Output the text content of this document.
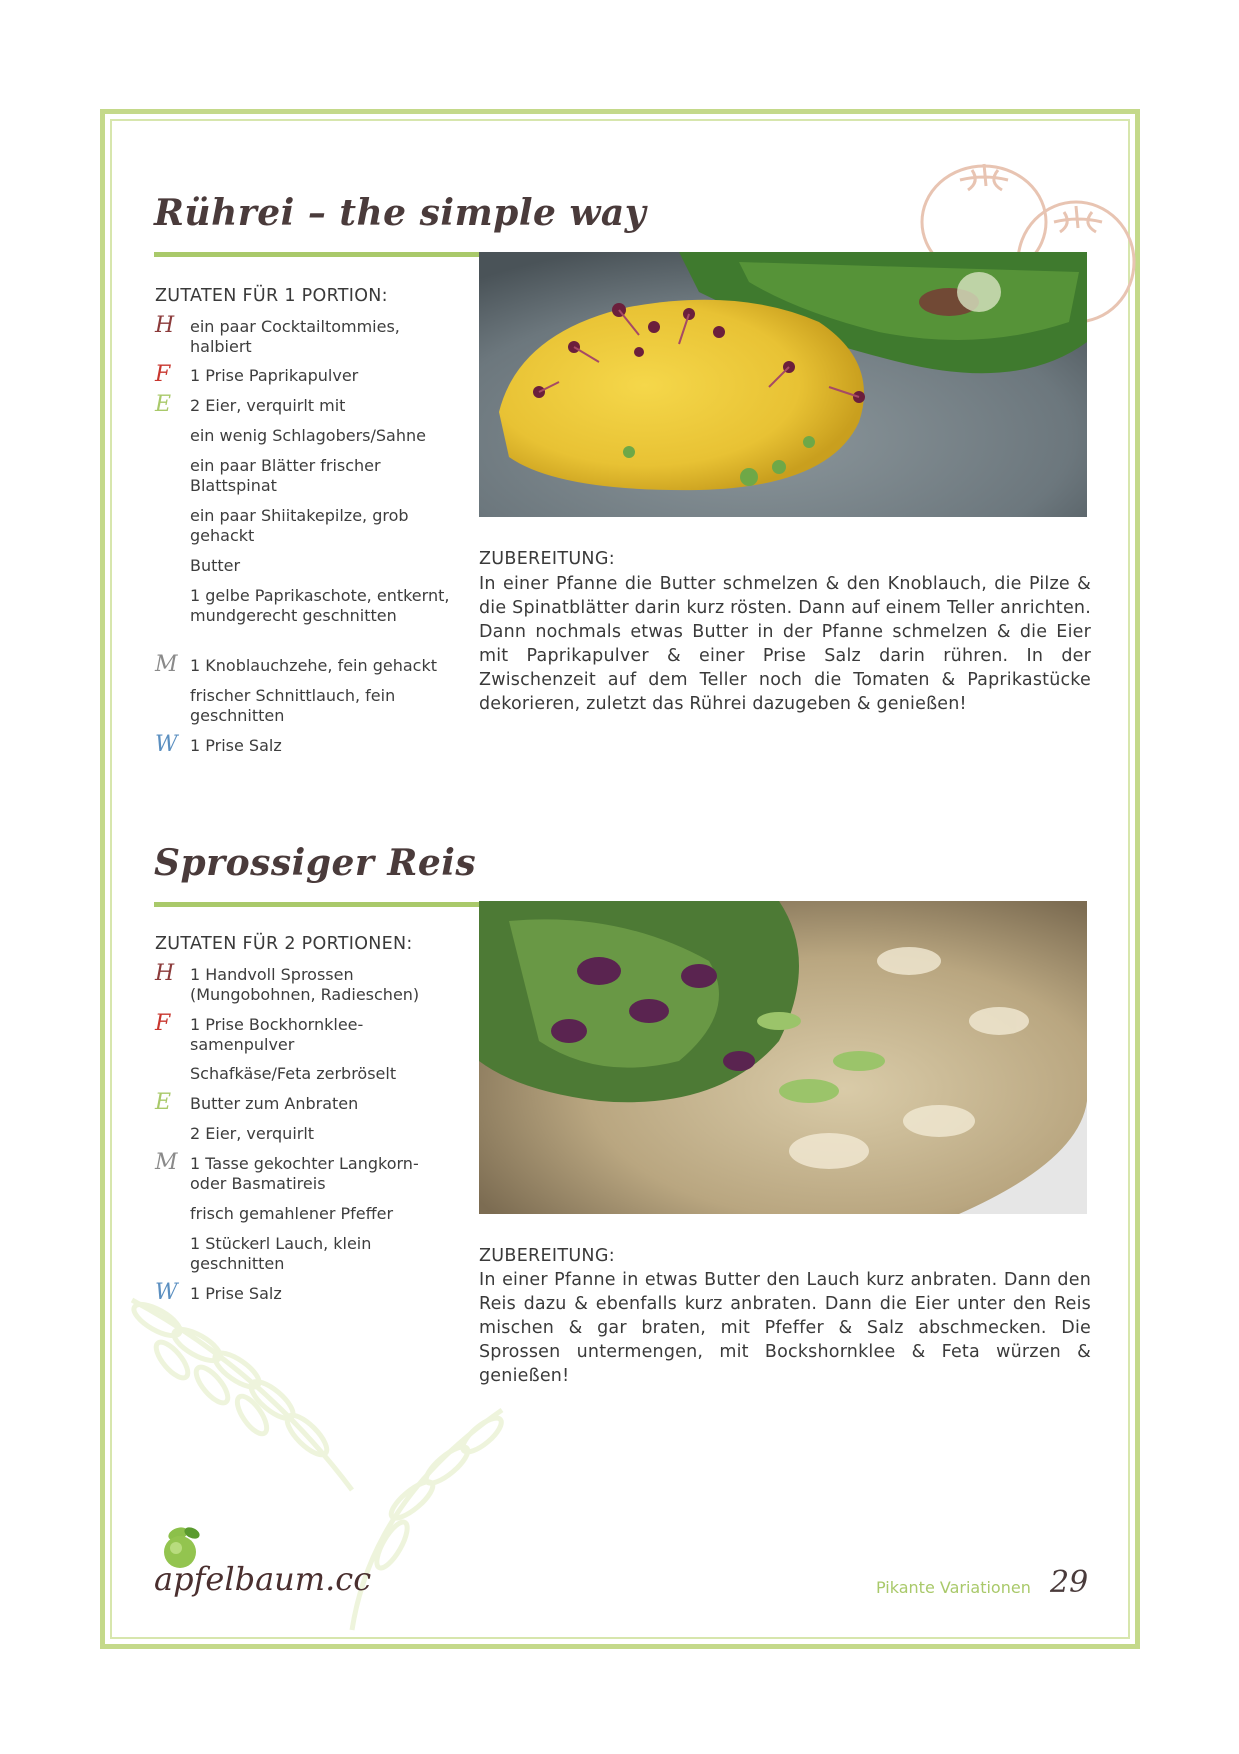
Rührei – the simple way
ZUTATEN FÜR 1 PORTION:
H ein paar Cocktailtommies, halbiert
F	1 Prise Paprikapulver
E	2 Eier, verquirlt mit
ein wenig Schlagobers/Sahne
ein paar Blätter frischer Blattspinat
ein paar Shiitakepilze, grob gehackt
Butter
1 gelbe Paprikaschote, entkernt, mundgerecht geschnitten
M 1 Knoblauchzehe, fein gehackt
frischer Schnittlauch, fein geschnitten
W 1 Prise Salz
ZUBEREITUNG:

In einer Pfanne die Butter schmelzen & den Knoblauch, die Pilze & die Spinatblätter darin kurz rösten. Dann auf einem Teller anrichten. Dann nochmals etwas Butter in der Pfanne schmelzen & die Eier mit Paprikapulver & einer Prise Salz darin rühren. In der Zwischenzeit auf dem Teller noch die Tomaten & Paprikastücke dekorieren, zuletzt das Rührei dazugeben & genießen!

Sprossiger Reis
ZUTATEN FÜR 2 PORTIONEN:
H 1 Handvoll Sprossen (Mungobohnen, Radieschen)
F	1 Prise Bockhornklee-samenpulver
Schafkäse/Feta zerbröselt
E	Butter zum Anbraten
2 Eier, verquirlt
M 1 Tasse gekochter Langkorn- oder Basmatireis
frisch gemahlener Pfeffer
1 Stückerl Lauch, klein geschnitten
W 1 Prise Salz
ZUBEREITUNG:

In einer Pfanne in etwas Butter den Lauch kurz anbraten. Dann den Reis dazu & ebenfalls kurz anbraten. Dann die Eier unter den Reis mischen & gar braten, mit Pfeffer & Salz abschmecken. Die Sprossen untermengen, mit Bockshornklee & Feta würzen & genießen!

apfelbaum.cc	Pikante Variationen 29
